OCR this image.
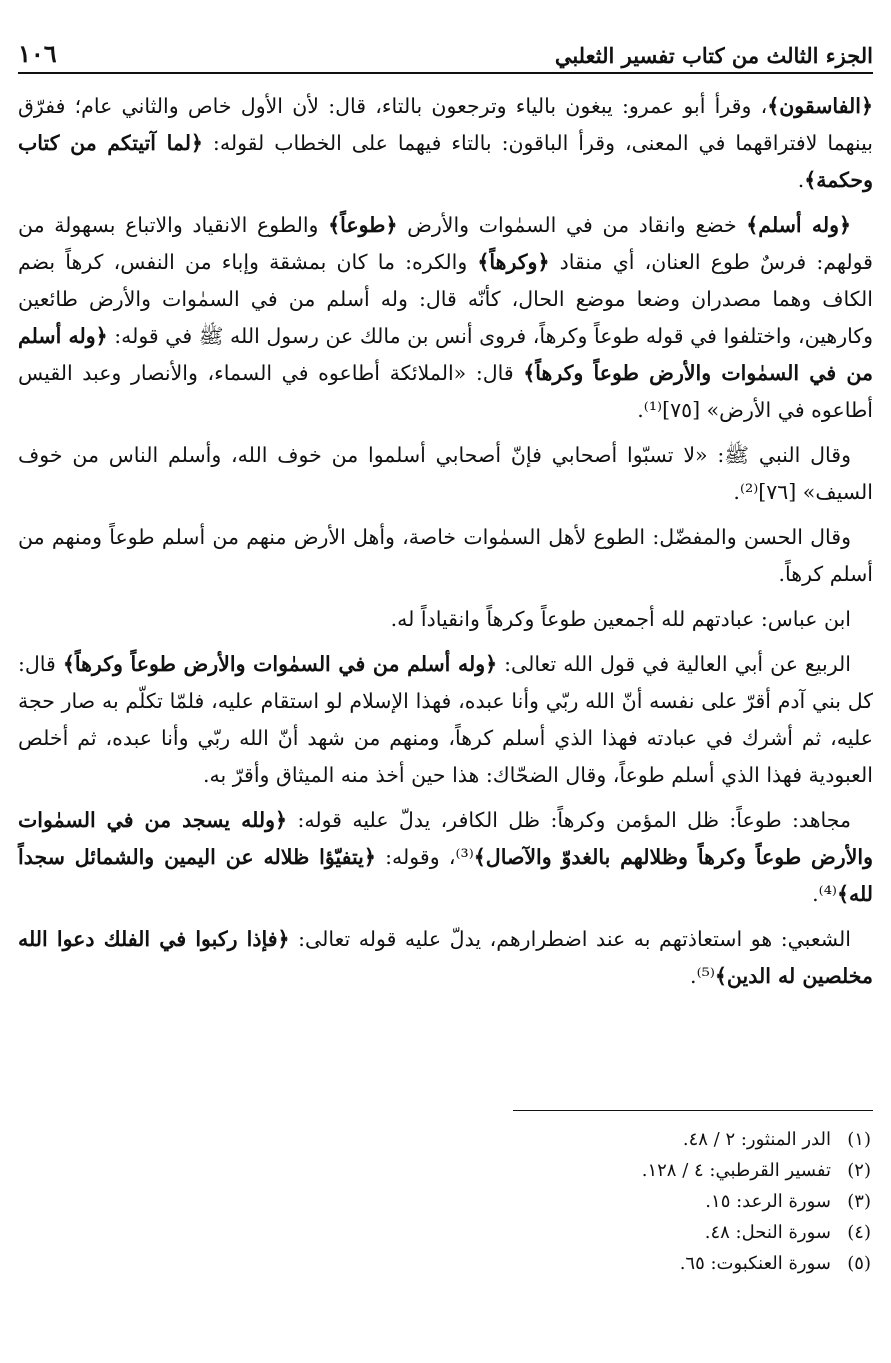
الجزء الثالث من كتاب تفسير الثعلبي
١٠٦

﴿الفاسقون﴾، وقرأ أبو عمرو: يبغون بالياء وترجعون بالتاء، قال: لأن الأول خاص والثاني عام؛ ففرّق بينهما لافتراقهما في المعنى، وقرأ الباقون: بالتاء فيهما على الخطاب لقوله: ﴿لما آتيتكم من كتاب وحكمة﴾.

﴿وله أسلم﴾ خضع وانقاد من في السمٰوات والأرض ﴿طوعاً﴾ والطوع الانقياد والاتباع بسهولة من قولهم: فرسٌ طوع العنان، أي منقاد ﴿وكرهاً﴾ والكره: ما كان بمشقة وإباء من النفس، كرهاً بضم الكاف وهما مصدران وضعا موضع الحال، كأنّه قال: وله أسلم من في السمٰوات والأرض طائعين وكارهين، واختلفوا في قوله طوعاً وكرهاً، فروى أنس بن مالك عن رسول الله ﷺ في قوله: ﴿وله أسلم من في السمٰوات والأرض طوعاً وكرهاً﴾ قال: «الملائكة أطاعوه في السماء، والأنصار وعبد القيس أطاعوه في الأرض» [٧٥]⁽¹⁾.

وقال النبي ﷺ: «لا تسبّوا أصحابي فإنّ أصحابي أسلموا من خوف الله، وأسلم الناس من خوف السيف» [٧٦]⁽²⁾.

وقال الحسن والمفضّل: الطوع لأهل السمٰوات خاصة، وأهل الأرض منهم من أسلم طوعاً ومنهم من أسلم كرهاً.

ابن عباس: عبادتهم لله أجمعين طوعاً وكرهاً وانقياداً له.

الربيع عن أبي العالية في قول الله تعالى: ﴿وله أسلم من في السمٰوات والأرض طوعاً وكرهاً﴾ قال: كل بني آدم أقرّ على نفسه أنّ الله ربّي وأنا عبده، فهذا الإسلام لو استقام عليه، فلمّا تكلّم به صار حجة عليه، ثم أشرك في عبادته فهذا الذي أسلم كرهاً، ومنهم من شهد أنّ الله ربّي وأنا عبده، ثم أخلص العبودية فهذا الذي أسلم طوعاً، وقال الضحّاك: هذا حين أخذ منه الميثاق وأقرّ به.

مجاهد: طوعاً: ظل المؤمن وكرهاً: ظل الكافر، يدلّ عليه قوله: ﴿ولله يسجد من في السمٰوات والأرض طوعاً وكرهاً وظلالهم بالغدوّ والآصال﴾⁽³⁾، وقوله: ﴿يتفيّؤا ظلاله عن اليمين والشمائل سجداً لله﴾⁽⁴⁾.

الشعبي: هو استعاذتهم به عند اضطرارهم، يدلّ عليه قوله تعالى: ﴿فإذا ركبوا في الفلك دعوا الله مخلصين له الدين﴾⁽⁵⁾.

(١)
الدر المنثور: ٢ / ٤٨.
(٢)
تفسير القرطبي: ٤ / ١٢٨.
(٣)
سورة الرعد: ١٥.
(٤)
سورة النحل: ٤٨.
(٥)
سورة العنكبوت: ٦٥.
